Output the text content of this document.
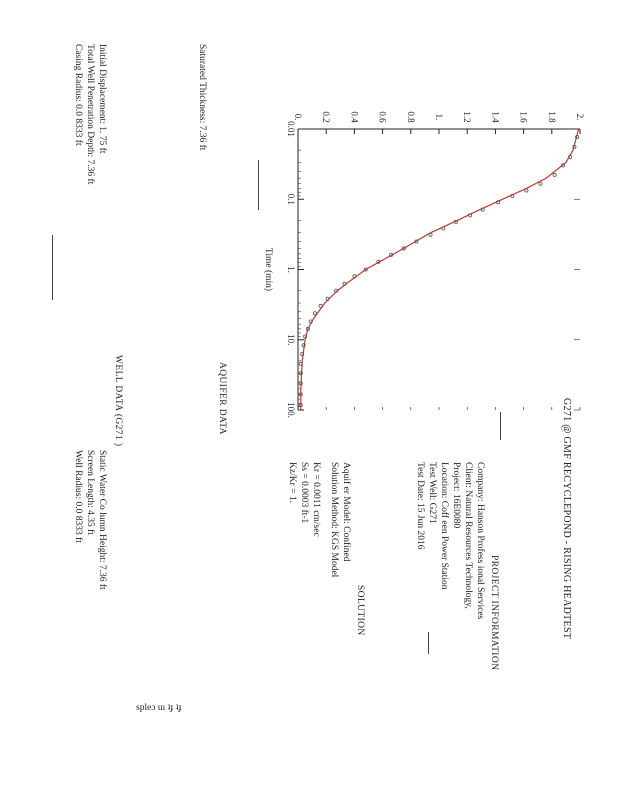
0. 0.2 0.4 0.6 0.8 1. 1.2 1.4 1.6 1.8 2.
0.01
0.1
1.
10.
100.
Time (min)
G271 @ GMF RECYCLEPOND - RISING HEADTEST
PROJECT INFORMATION
Company: Hanson Profess ional Services
Client: Natural Resources Technology,
Project: 16E0080
Location: Coff een Power Station
Test Well: G271
Test Date: 15 Jun 2016
SOLUTION
Aquif er Model: Confined
Solution Method: KGS Model
Kr = 0.0011 cm/sec
Ss = 0.0003 ft-1
Kz/Kr = 1.
AQUIFER DATA
Saturated Thickness: 7.36 ft
WELL DATA (G271 )
Initial Displacement: 1. 75 ft
Total Well Penetration Depth: 7.36 ft
Casing Radius: 0.0 8333 ft
Static Water Co lumn Height: 7.36 ft
Screen Length: 4.35 ft
Well Radius: 0.0 8333 ft
spleɔ uı ʇɟ ʇɟ
